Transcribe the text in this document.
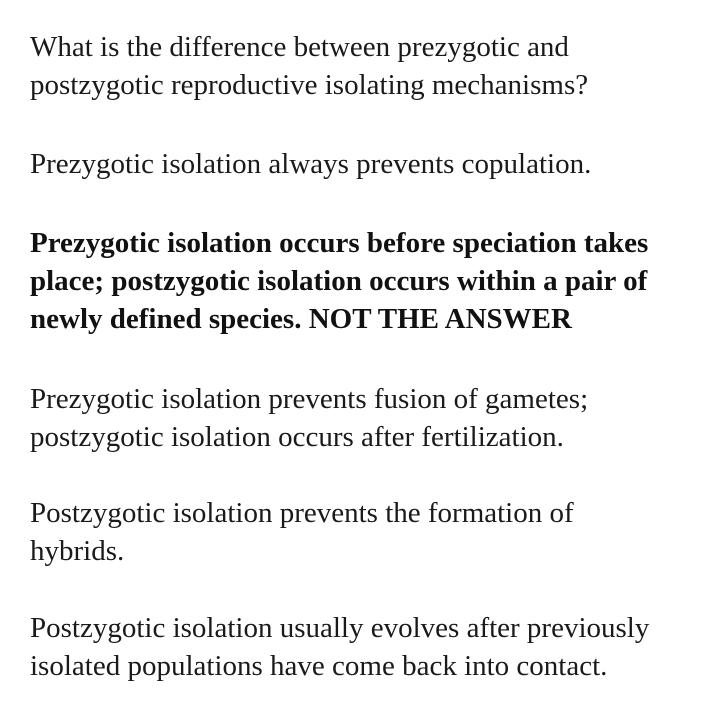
What is the difference between prezygotic and

postzygotic reproductive isolating mechanisms?

Prezygotic isolation always prevents copulation.

Prezygotic isolation occurs before speciation takes

place; postzygotic isolation occurs within a pair of

newly defined species. NOT THE ANSWER

Prezygotic isolation prevents fusion of gametes;

postzygotic isolation occurs after fertilization.

Postzygotic isolation prevents the formation of

hybrids.

Postzygotic isolation usually evolves after previously

isolated populations have come back into contact.
